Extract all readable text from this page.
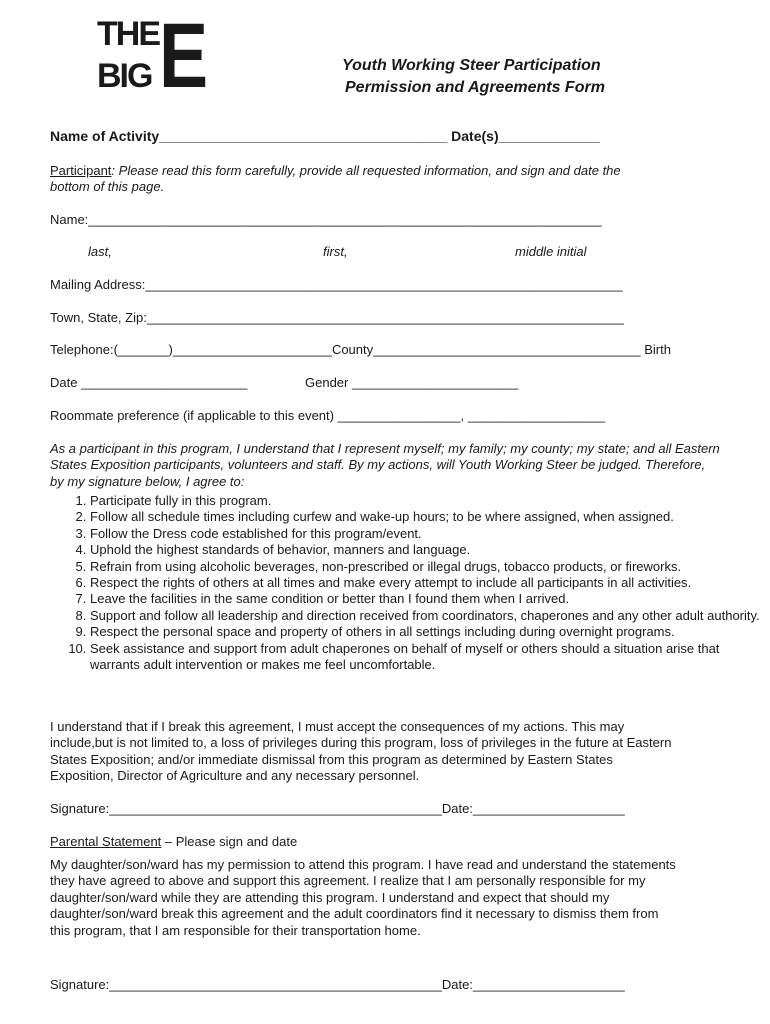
THE
BIG E	Youth Working Steer Participation
Permission and Agreements Form
Name of Activity_____________________________________ Date(s)_____________
Participant: Please read this form carefully, provide all requested information, and sign and date the
bottom of this page.
Name:_______________________________________________________________________
last,	first,	middle initial
Mailing Address:__________________________________________________________________
Town, State, Zip:__________________________________________________________________
Telephone:(_______)______________________County_____________________________________ Birth
Date _______________________	Gender _______________________
Roommate preference (if applicable to this event) _________________, ___________________
As a participant in this program, I understand that I represent myself; my family; my county; my state; and all Eastern States Exposition participants, volunteers and staff. By my actions, will Youth Working Steer be judged. Therefore, by my signature below, I agree to:
1. Participate fully in this program.
2. Follow all schedule times including curfew and wake-up hours; to be where assigned, when assigned.
3. Follow the Dress code established for this program/event.
4. Uphold the highest standards of behavior, manners and language.
5. Refrain from using alcoholic beverages, non-prescribed or illegal drugs, tobacco products, or fireworks.
6. Respect the rights of others at all times and make every attempt to include all participants in all activities.
7. Leave the facilities in the same condition or better than I found them when I arrived.
8. Support and follow all leadership and direction received from coordinators, chaperones and any other adult authority.
9. Respect the personal space and property of others in all settings including during overnight programs.
10. Seek assistance and support from adult chaperones on behalf of myself or others should a situation arise that warrants adult intervention or makes me feel uncomfortable.
I understand that if I break this agreement, I must accept the consequences of my actions. This may include,but is not limited to, a loss of privileges during this program, loss of privileges in the future at Eastern States Exposition; and/or immediate dismissal from this program as determined by Eastern States Exposition, Director of Agriculture and any necessary personnel.
Signature:______________________________________________Date:_____________________
Parental Statement – Please sign and date
My daughter/son/ward has my permission to attend this program. I have read and understand the statements they have agreed to above and support this agreement. I realize that I am personally responsible for my daughter/son/ward while they are attending this program. I understand and expect that should my daughter/son/ward break this agreement and the adult coordinators find it necessary to dismiss them from this program, that I am responsible for their transportation home.
Signature:______________________________________________Date:_____________________
